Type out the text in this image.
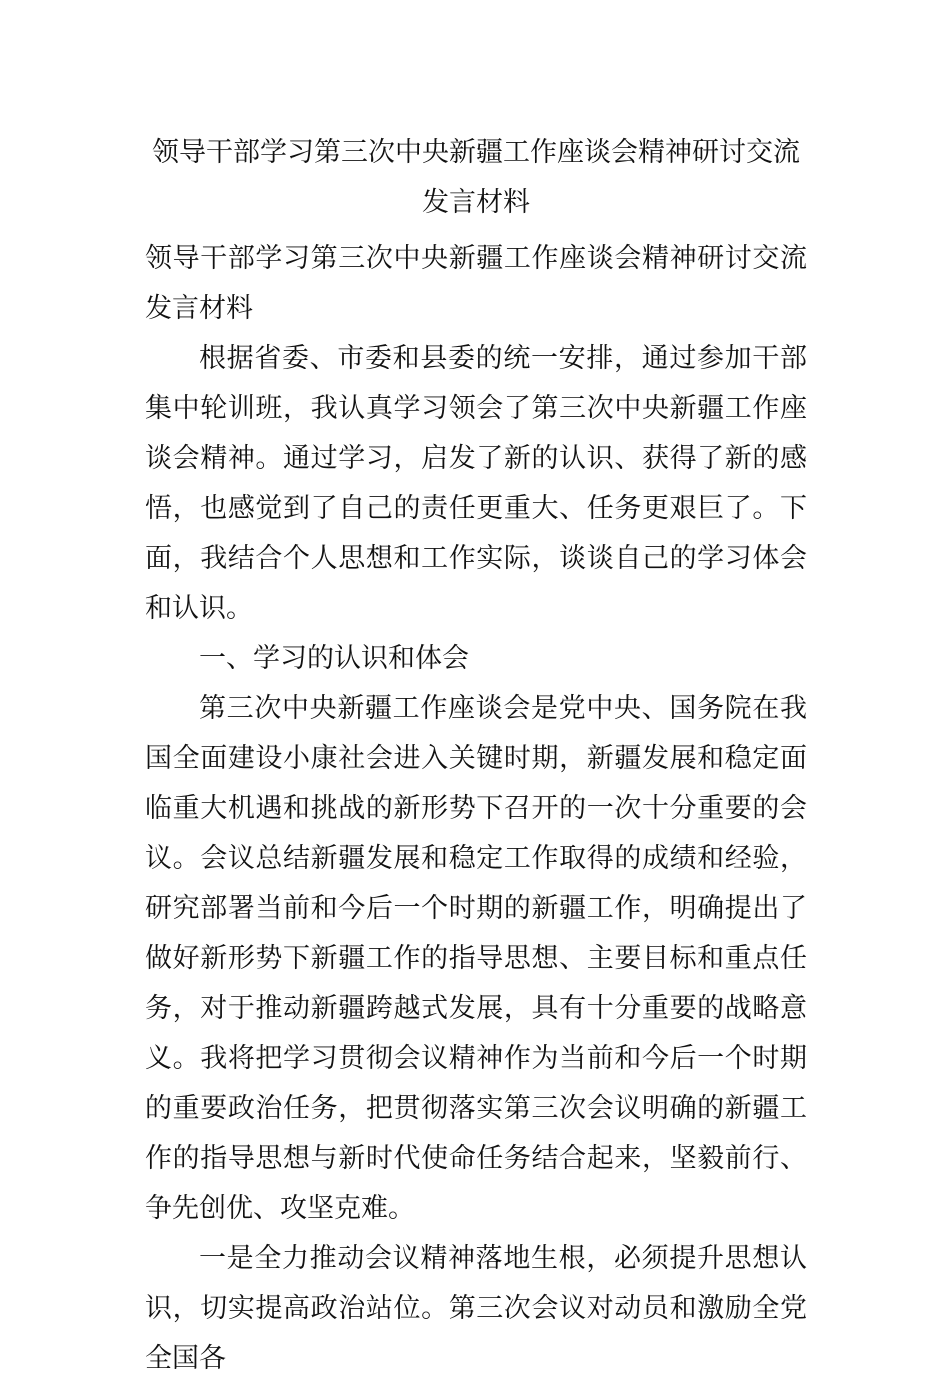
领导干部学习第三次中央新疆工作座谈会精神研讨交流发言材料

领导干部学习第三次中央新疆工作座谈会精神研讨交流发言材料

根据省委、市委和县委的统一安排，通过参加干部集中轮训班，我认真学习领会了第三次中央新疆工作座谈会精神。通过学习，启发了新的认识、获得了新的感悟，也感觉到了自己的责任更重大、任务更艰巨了。下面，我结合个人思想和工作实际，谈谈自己的学习体会和认识。

一、学习的认识和体会

第三次中央新疆工作座谈会是党中央、国务院在我国全面建设小康社会进入关键时期，新疆发展和稳定面临重大机遇和挑战的新形势下召开的一次十分重要的会议。会议总结新疆发展和稳定工作取得的成绩和经验，研究部署当前和今后一个时期的新疆工作，明确提出了做好新形势下新疆工作的指导思想、主要目标和重点任务，对于推动新疆跨越式发展，具有十分重要的战略意义。我将把学习贯彻会议精神作为当前和今后一个时期的重要政治任务，把贯彻落实第三次会议明确的新疆工作的指导思想与新时代使命任务结合起来，坚毅前行、争先创优、攻坚克难。

一是全力推动会议精神落地生根，必须提升思想认识，切实提高政治站位。第三次会议对动员和激励全党全国各
